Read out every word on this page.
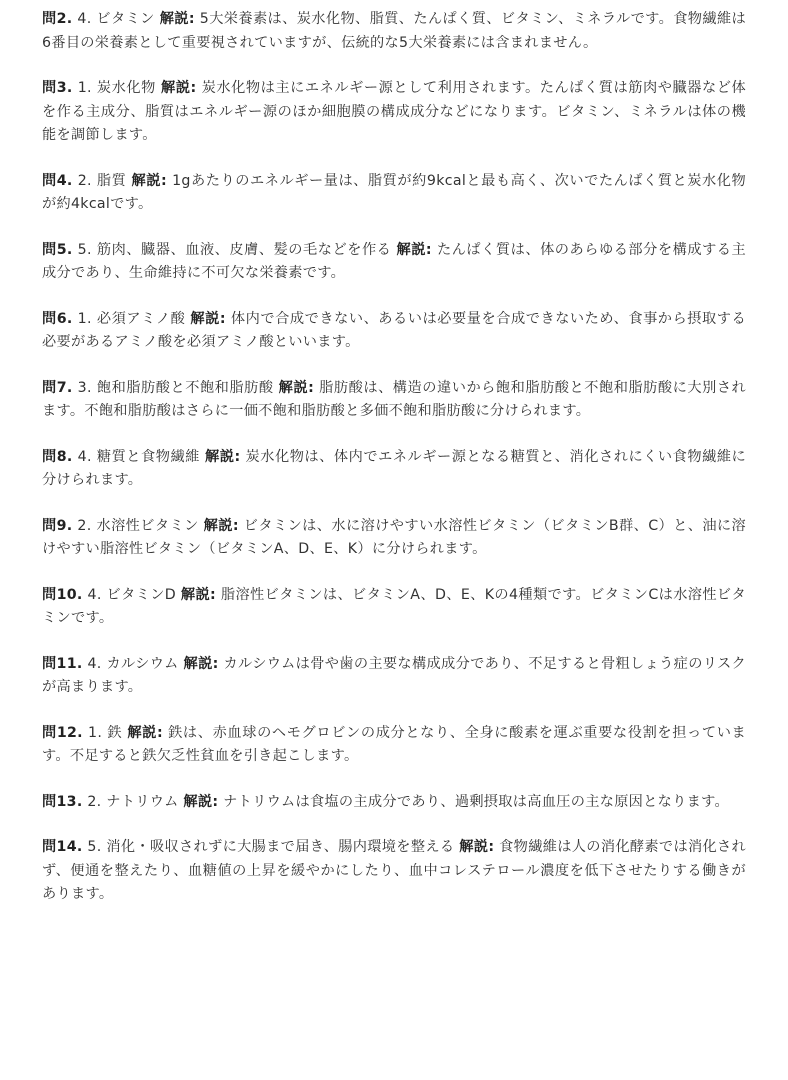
問2. 4. ビタミン 解説: 5大栄養素は、炭水化物、脂質、たんぱく質、ビタミン、ミネラルです。食物繊維は6番目の栄養素として重要視されていますが、伝統的な5大栄養素には含まれません。

問3. 1. 炭水化物 解説: 炭水化物は主にエネルギー源として利用されます。たんぱく質は筋肉や臓器など体を作る主成分、脂質はエネルギー源のほか細胞膜の構成成分などになります。ビタミン、ミネラルは体の機能を調節します。

問4. 2. 脂質 解説: 1gあたりのエネルギー量は、脂質が約9kcalと最も高く、次いでたんぱく質と炭水化物が約4kcalです。

問5. 5. 筋肉、臓器、血液、皮膚、髪の毛などを作る 解説: たんぱく質は、体のあらゆる部分を構成する主成分であり、生命維持に不可欠な栄養素です。

問6. 1. 必須アミノ酸 解説: 体内で合成できない、あるいは必要量を合成できないため、食事から摂取する必要があるアミノ酸を必須アミノ酸といいます。

問7. 3. 飽和脂肪酸と不飽和脂肪酸 解説: 脂肪酸は、構造の違いから飽和脂肪酸と不飽和脂肪酸に大別されます。不飽和脂肪酸はさらに一価不飽和脂肪酸と多価不飽和脂肪酸に分けられます。

問8. 4. 糖質と食物繊維 解説: 炭水化物は、体内でエネルギー源となる糖質と、消化されにくい食物繊維に分けられます。

問9. 2. 水溶性ビタミン 解説: ビタミンは、水に溶けやすい水溶性ビタミン（ビタミンB群、C）と、油に溶けやすい脂溶性ビタミン（ビタミンA、D、E、K）に分けられます。

問10. 4. ビタミンD 解説: 脂溶性ビタミンは、ビタミンA、D、E、Kの4種類です。ビタミンCは水溶性ビタミンです。

問11. 4. カルシウム 解説: カルシウムは骨や歯の主要な構成成分であり、不足すると骨粗しょう症のリスクが高まります。

問12. 1. 鉄 解説: 鉄は、赤血球のヘモグロビンの成分となり、全身に酸素を運ぶ重要な役割を担っています。不足すると鉄欠乏性貧血を引き起こします。

問13. 2. ナトリウム 解説: ナトリウムは食塩の主成分であり、過剰摂取は高血圧の主な原因となります。

問14. 5. 消化・吸収されずに大腸まで届き、腸内環境を整える 解説: 食物繊維は人の消化酵素では消化されず、便通を整えたり、血糖値の上昇を緩やかにしたり、血中コレステロール濃度を低下させたりする働きがあります。
